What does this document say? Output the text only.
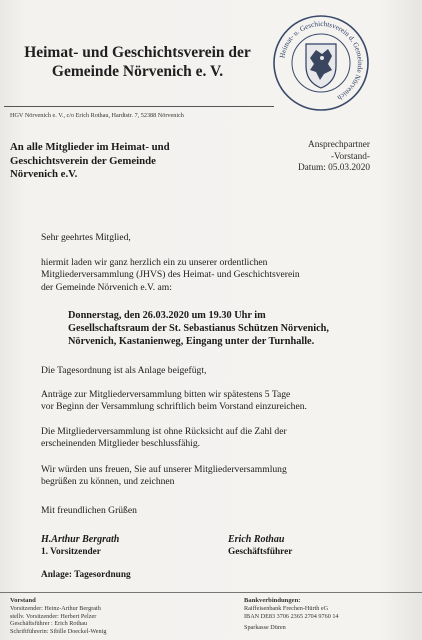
Heimat- und Geschichtsverein der
Gemeinde Nörvenich e. V.
Heimat- u. Geschichtsverein d. Gemeinde Nörvenich
HGV Nörvenich e. V., c/o Erich Rothau, Hardtstr. 7, 52388 Nörvenich
An alle Mitglieder im Heimat- und
Geschichtsverein der Gemeinde
Nörvenich e.V.
Ansprechpartner
-Vorstand-
Datum: 05.03.2020
Sehr geehrtes Mitglied,
hiermit laden wir ganz herzlich ein zu unserer ordentlichen
Mitgliederversammlung (JHVS) des Heimat- und Geschichtsverein
der Gemeinde Nörvenich e.V. am:
Donnerstag, den 26.03.2020 um 19.30 Uhr im
Gesellschaftsraum der St. Sebastianus Schützen Nörvenich,
Nörvenich, Kastanienweg, Eingang unter der Turnhalle.
Die Tagesordnung ist als Anlage beigefügt,
Anträge zur Mitgliederversammlung bitten wir spätestens 5 Tage
vor Beginn der Versammlung schriftlich beim Vorstand einzureichen.
Die Mitgliederversammlung ist ohne Rücksicht auf die Zahl der
erscheinenden Mitglieder beschlussfähig.
Wir würden uns freuen, Sie auf unserer Mitgliederversammlung
begrüßen zu können, und zeichnen
Mit freundlichen Grüßen
H.Arthur Bergrath
1. Vorsitzender
Erich Rothau
Geschäftsführer
Anlage: Tagesordnung
Vorstand
Vorsitzender: Heinz-Arthur Bergrath
stellv. Vorsitzender: Herbert Pelzer
Geschäftsführer : Erich Rothau
Schriftführerin: Sibille Doeckel-Wenig
Bankverbindungen:
Raiffeisenbank Frechen-Hürth eG
IBAN DE83 3706 2365 2704 9760 14
Sparkasse Düren
